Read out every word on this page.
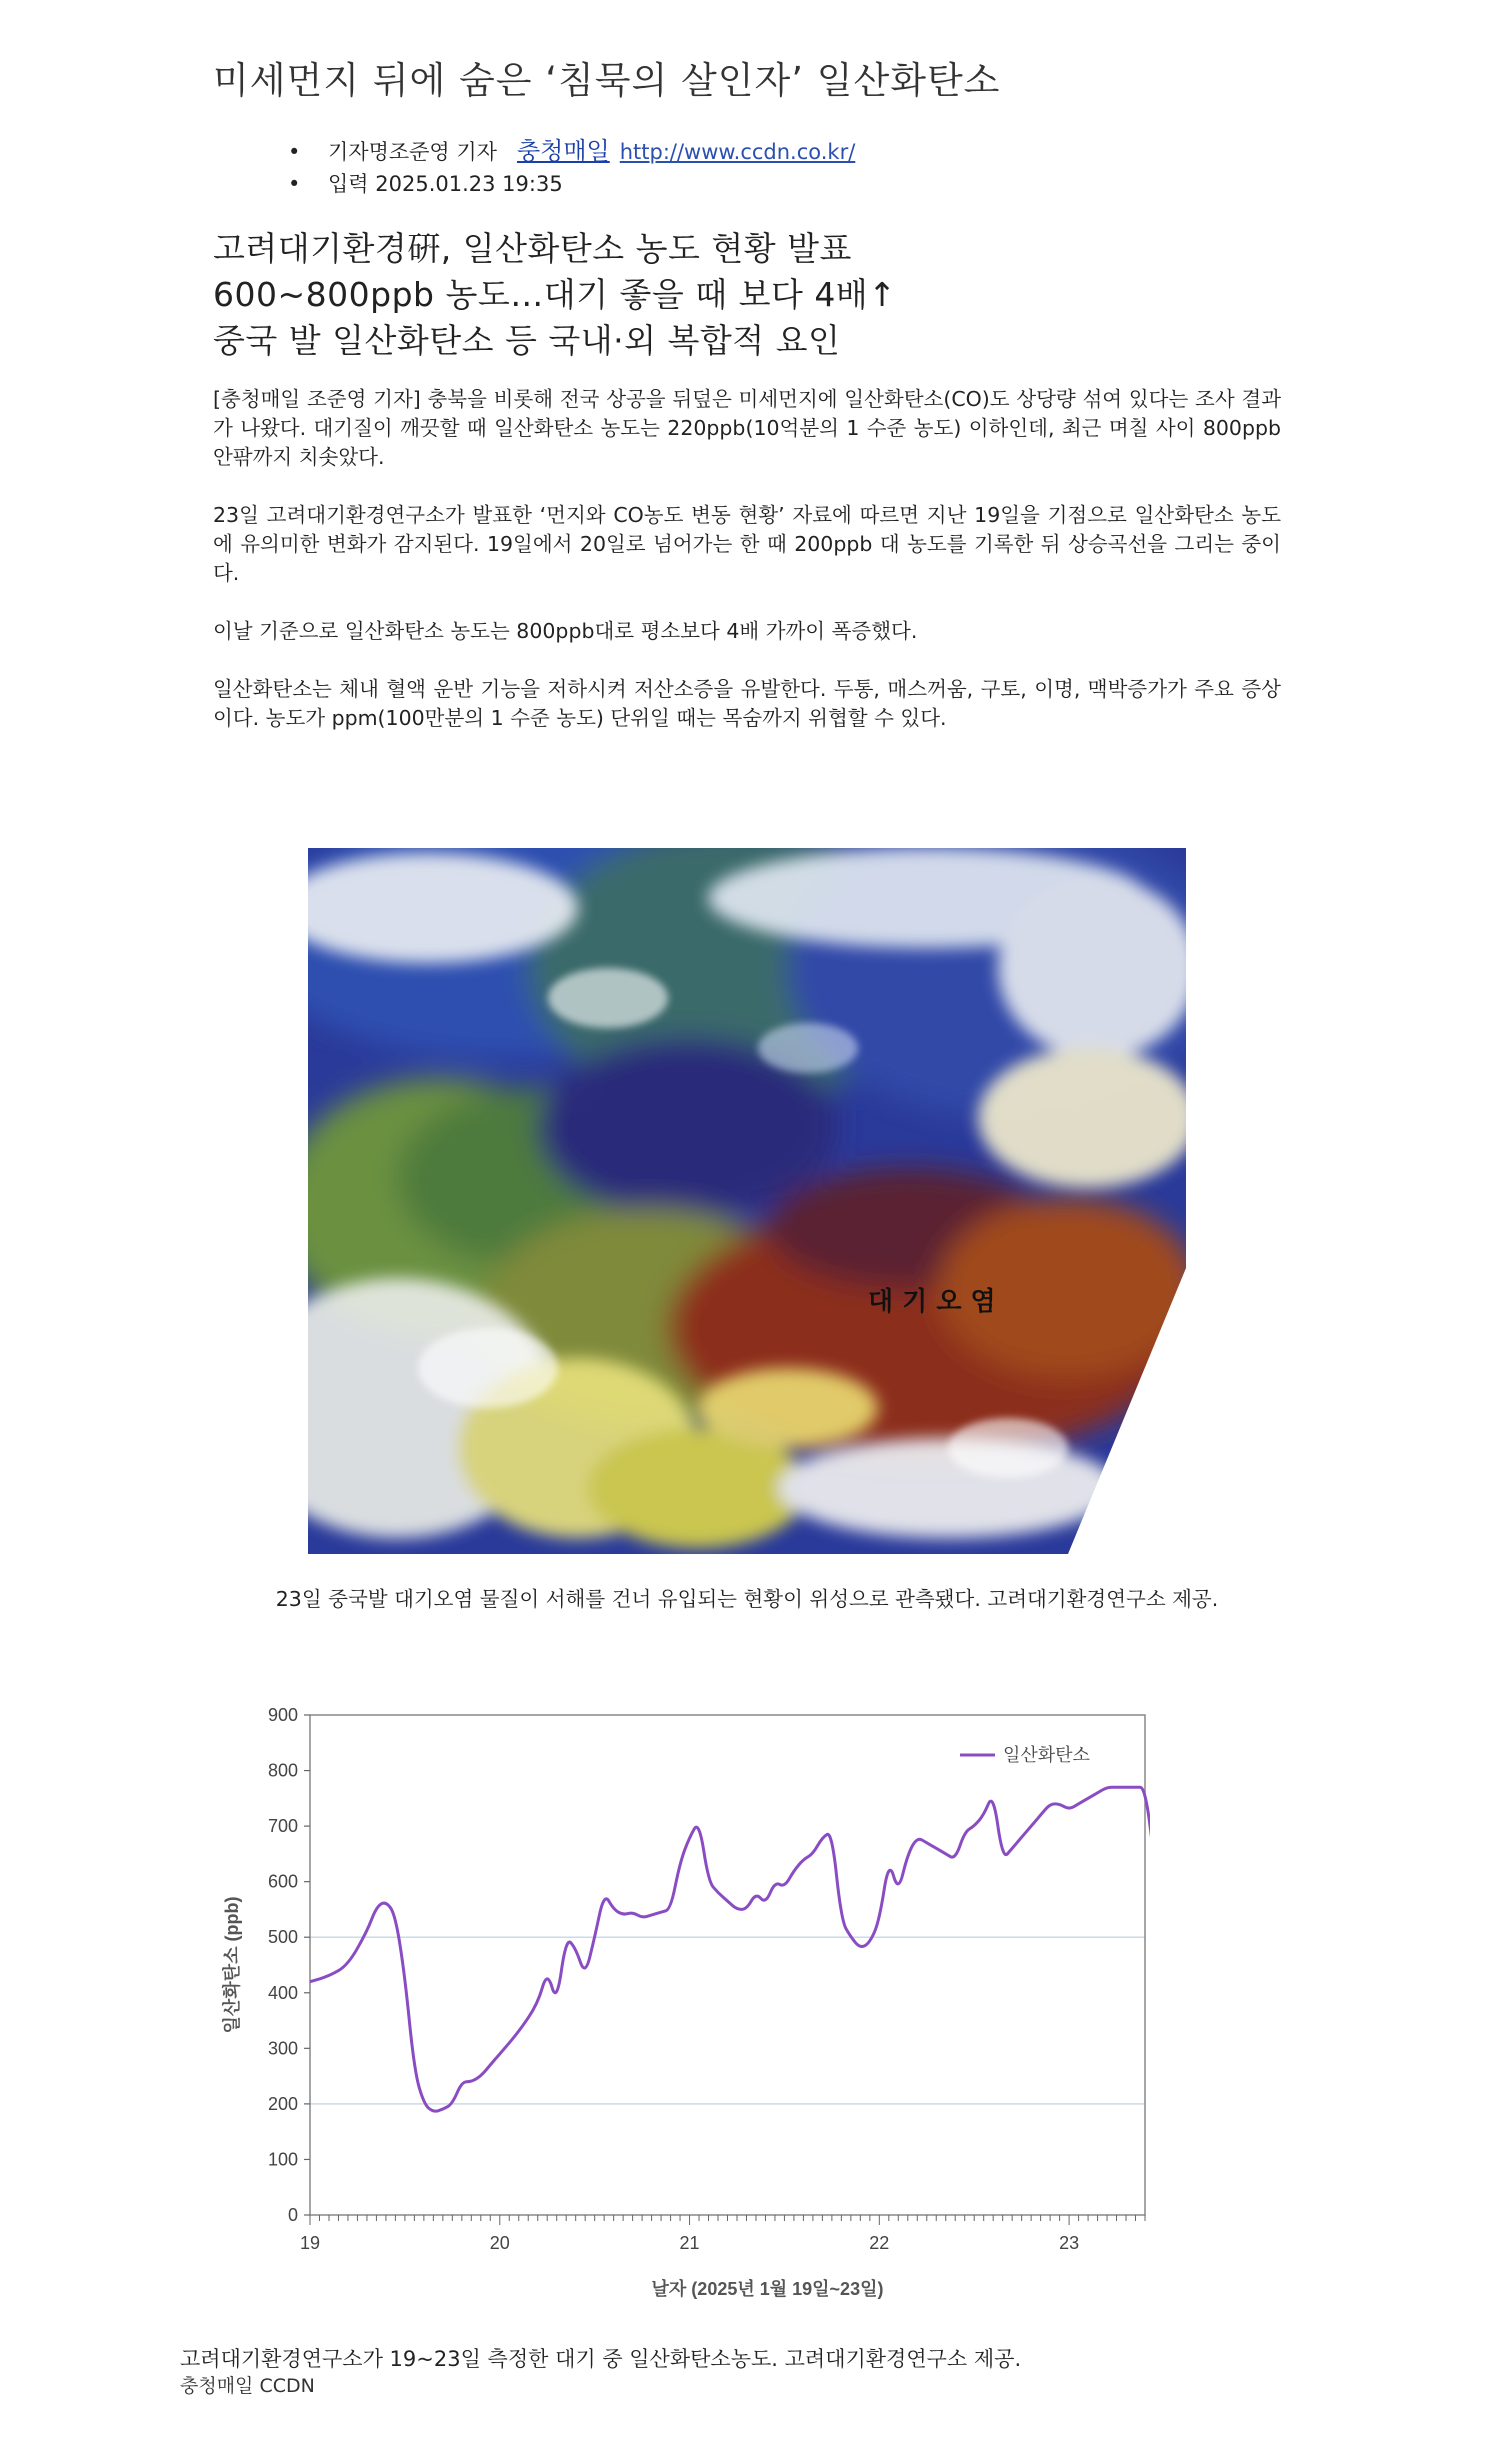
미세먼지 뒤에 숨은 ‘침묵의 살인자’ 일산화탄소
• 기자명조준영 기자 충청매일 http://www.ccdn.co.kr/
• 입력 2025.01.23 19:35
고려대기환경硏, 일산화탄소 농도 현황 발표
600~800ppb 농도…대기 좋을 때 보다 4배↑
중국 발 일산화탄소 등 국내·외 복합적 요인

[충청매일 조준영 기자] 충북을 비롯해 전국 상공을 뒤덮은 미세먼지에 일산화탄소(CO)도 상당량 섞여 있다는 조사 결과가 나왔다. 대기질이 깨끗할 때 일산화탄소 농도는 220ppb(10억분의 1 수준 농도) 이하인데, 최근 며칠 사이 800ppb 안팎까지 치솟았다.

23일 고려대기환경연구소가 발표한 ‘먼지와 CO농도 변동 현황’ 자료에 따르면 지난 19일을 기점으로 일산화탄소 농도에 유의미한 변화가 감지된다. 19일에서 20일로 넘어가는 한 때 200ppb 대 농도를 기록한 뒤 상승곡선을 그리는 중이다.

이날 기준으로 일산화탄소 농도는 800ppb대로 평소보다 4배 가까이 폭증했다.

일산화탄소는 체내 혈액 운반 기능을 저하시켜 저산소증을 유발한다. 두통, 매스꺼움, 구토, 이명, 맥박증가가 주요 증상이다. 농도가 ppm(100만분의 1 수준 농도) 단위일 때는 목숨까지 위협할 수 있다.

대 기 오 염
23일 중국발 대기오염 물질이 서해를 건너 유입되는 현황이 위성으로 관측됐다. 고려대기환경연구소 제공.
0
100
200
300
400
500
600
700
800
900
19	20	21	22	23
날자 (2025년 1월 19일~23일)
일산화탄소 (ppb)
일산화탄소
고려대기환경연구소가 19~23일 측정한 대기 중 일산화탄소농도. 고려대기환경연구소 제공.
충청매일 CCDN
